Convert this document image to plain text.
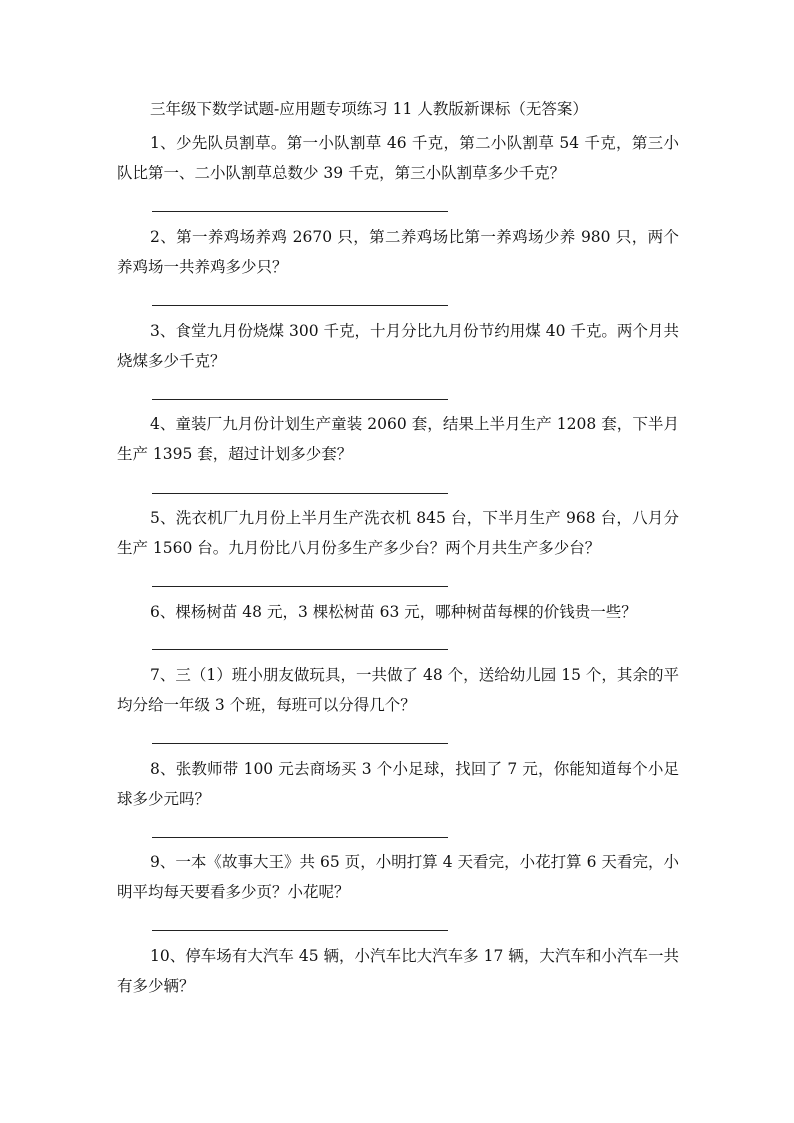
三年级下数学试题-应用题专项练习 11 人教版新课标（无答案）
1、少先队员割草。第一小队割草 46 千克，第二小队割草 54 千克，第三小队比第一、二小队割草总数少 39 千克，第三小队割草多少千克？
2、第一养鸡场养鸡 2670 只，第二养鸡场比第一养鸡场少养 980 只，两个养鸡场一共养鸡多少只？
3、食堂九月份烧煤 300 千克，十月分比九月份节约用煤 40 千克。两个月共烧煤多少千克？
4、童装厂九月份计划生产童装 2060 套，结果上半月生产 1208 套，下半月生产 1395 套，超过计划多少套？
5、洗衣机厂九月份上半月生产洗衣机 845 台，下半月生产 968 台，八月分生产 1560 台。九月份比八月份多生产多少台？两个月共生产多少台？
6、棵杨树苗 48 元，3 棵松树苗 63 元，哪种树苗每棵的价钱贵一些？
7、三（1）班小朋友做玩具，一共做了 48 个，送给幼儿园 15 个，其余的平均分给一年级 3 个班，每班可以分得几个？
8、张教师带 100 元去商场买 3 个小足球，找回了 7 元，你能知道每个小足球多少元吗？
9、一本《故事大王》共 65 页，小明打算 4 天看完，小花打算 6 天看完，小明平均每天要看多少页？小花呢？
10、停车场有大汽车 45 辆，小汽车比大汽车多 17 辆，大汽车和小汽车一共有多少辆？
